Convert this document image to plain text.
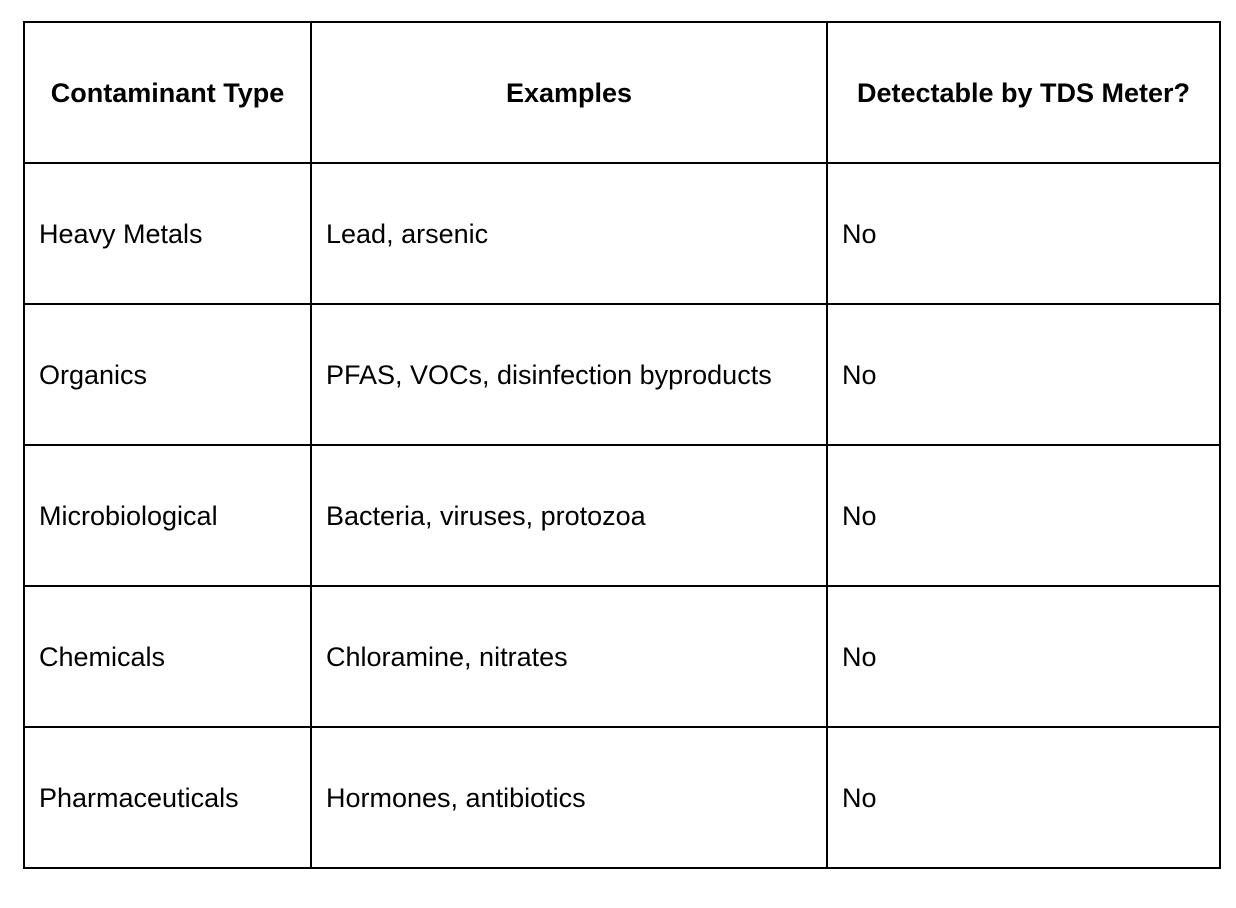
Contaminant Type	Examples	Detectable by TDS Meter?
Heavy Metals	Lead, arsenic	No
Organics	PFAS, VOCs, disinfection byproducts	No
Microbiological	Bacteria, viruses, protozoa	No
Chemicals	Chloramine, nitrates	No
Pharmaceuticals	Hormones, antibiotics	No
